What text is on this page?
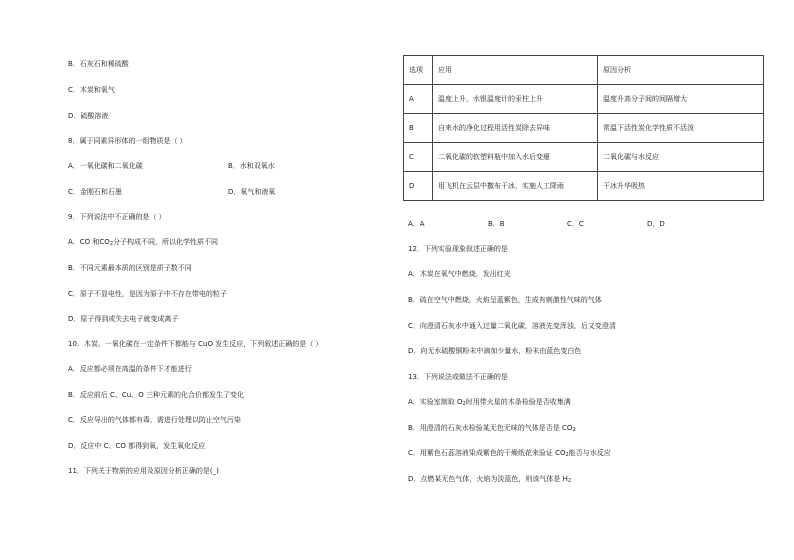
B．石灰石和稀硫酸
C．木炭和氧气
D．硫酸溶液
8．属于同素异形体的一组物质是（ ）
A．一氧化碳和二氧化碳	B．水和双氧水
C．金刚石和石墨	D．氧气和液氧
9．下列说法中不正确的是（ ）
A．CO 和$CO_2$分子构成不同，所以化学性质不同
B．不同元素最本质的区别是质子数不同
C．原子不显电性，是因为原子中不存在带电的粒子
D．原子得到或失去电子就变成离子
10．木炭、一氧化碳在一定条件下都能与 CuO 发生反应，下列叙述正确的是（ ）
A．反应都必须在高温的条件下才能进行
B．反应前后 C、Cu、O 三种元素的化合价都发生了变化
C．反应导出的气体都有毒，需进行处理以防止空气污染
D．反应中 C、CO 都得到氧，发生氧化反应
11．下列关于物质的应用及原因分析正确的是(_)
选项	应用	原因分析
A	温度上升，水银温度计的汞柱上升	温度升高分子间的间隔增大
B	自来水的净化过程用活性炭除去异味	常温下活性炭化学性质不活泼
C	二氧化碳的软塑料瓶中加入水后变瘪	二氧化碳与水反应
D	用飞机在云层中撒布干冰，实施人工降雨	干冰升华吸热
A．A	B．B	C．C	D．D
12．下列实验现象叙述正确的是
A．木炭在氧气中燃烧，发出红光
B．硫在空气中燃烧，火焰呈蓝紫色，生成有刺激性气味的气体
C．向澄清石灰水中通入过量二氧化碳，溶液先变浑浊，后又变澄清
D．向无水硫酸铜粉末中滴加少量水，粉末由蓝色变白色
13．下列说法或做法不正确的是
A．实验室制取 $O_2$时用带火星的木条检验是否收集满
B．用澄清的石灰水检验某无色无味的气体是否是 $CO_2$
C．用紫色石蕊溶液染成紫色的干燥纸花来验证 $CO_2$能否与水反应
D．点燃某无色气体，火焰为淡蓝色，则该气体是 $H_2$
